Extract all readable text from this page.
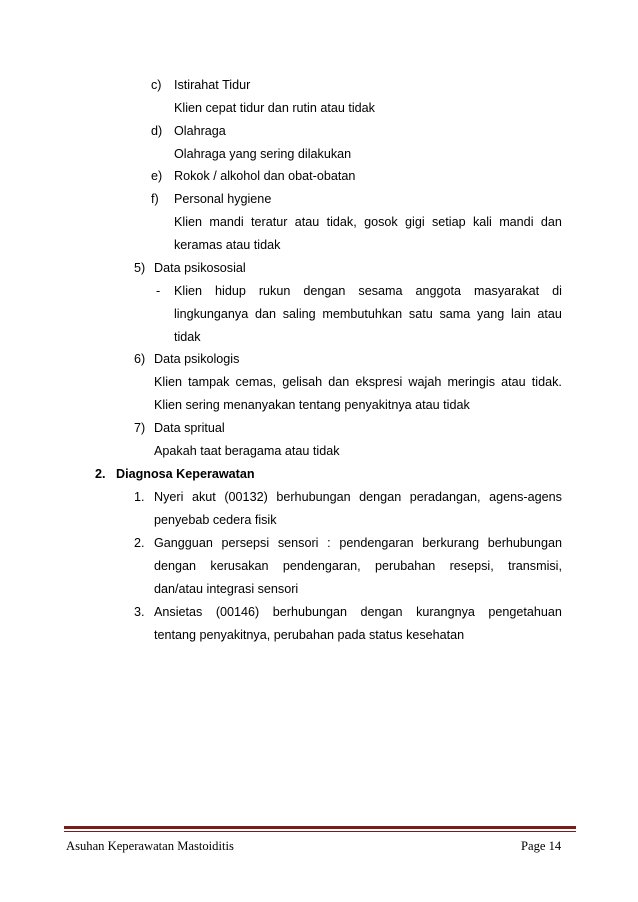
c) Istirahat Tidur
Klien cepat tidur dan rutin atau tidak
d) Olahraga
Olahraga yang sering dilakukan
e) Rokok / alkohol dan obat-obatan
f) Personal hygiene
Klien mandi teratur atau tidak, gosok gigi setiap kali mandi dan
keramas atau tidak
5) Data psikososial
- Klien hidup rukun dengan sesama anggota masyarakat di
lingkunganya dan saling membutuhkan satu sama yang lain atau
tidak
6) Data psikologis
Klien tampak cemas, gelisah dan ekspresi wajah meringis atau tidak.
Klien sering menanyakan tentang penyakitnya atau tidak
7) Data spritual
Apakah taat beragama atau tidak
2. Diagnosa Keperawatan
1. Nyeri akut (00132) berhubungan dengan peradangan, agens-agens
penyebab cedera fisik
2. Gangguan persepsi sensori : pendengaran berkurang berhubungan
dengan kerusakan pendengaran, perubahan resepsi, transmisi,
dan/atau integrasi sensori
3. Ansietas (00146) berhubungan dengan kurangnya pengetahuan
tentang penyakitnya, perubahan pada status kesehatan
Asuhan Keperawatan Mastoiditis	Page 14
